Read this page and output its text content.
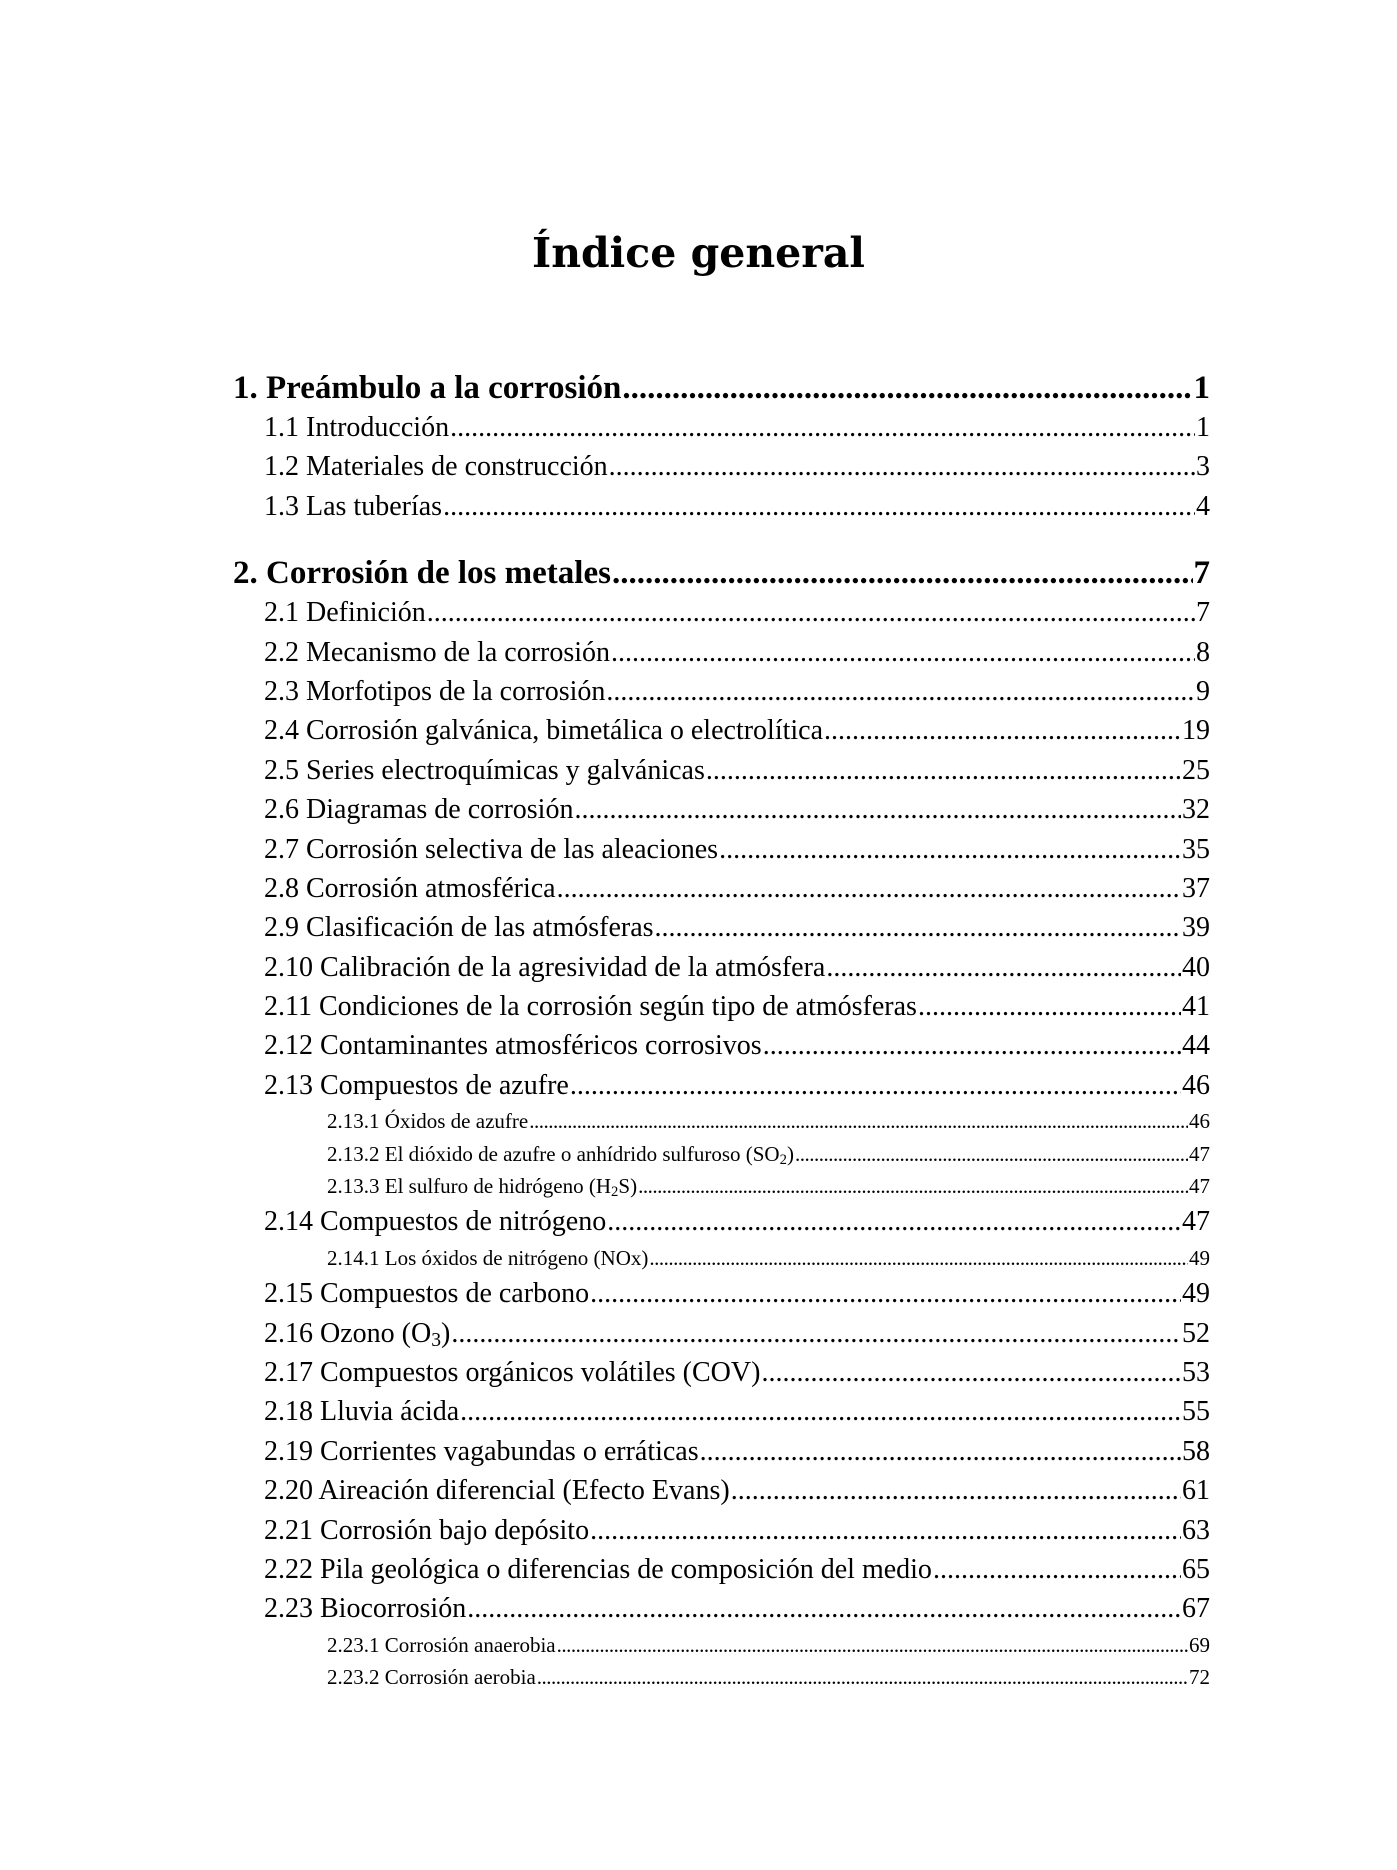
Índice general
1. Preámbulo a la corrosión .....	1
1.1 Introducción .....	1
1.2 Materiales de construcción .....	3
1.3 Las tuberías .....	4
2. Corrosión de los metales .....	7
2.1 Definición .....	7
2.2 Mecanismo de la corrosión .....	8
2.3 Morfotipos de la corrosión .....	9
2.4 Corrosión galvánica, bimetálica o electrolítica .....	19
2.5 Series electroquímicas y galvánicas .....	25
2.6 Diagramas de corrosión .....	32
2.7 Corrosión selectiva de las aleaciones .....	35
2.8 Corrosión atmosférica .....	37
2.9 Clasificación de las atmósferas .....	39
2.10 Calibración de la agresividad de la atmósfera .....	40
2.11 Condiciones de la corrosión según tipo de atmósferas .....	41
2.12 Contaminantes atmosféricos corrosivos .....	44
2.13 Compuestos de azufre .....	46
2.13.1 Óxidos de azufre .....	46
2.13.2 El dióxido de azufre o anhídrido sulfuroso $(SO_2)$ .....	47
2.13.3 El sulfuro de hidrógeno $(H_2S)$ .....	47
2.14 Compuestos de nitrógeno .....	47
2.14.1 Los óxidos de nitrógeno (NOx) .....	49
2.15 Compuestos de carbono .....	49
2.16 Ozono $(O_3)$ .....	52
2.17 Compuestos orgánicos volátiles (COV) .....	53
2.18 Lluvia ácida .....	55
2.19 Corrientes vagabundas o erráticas .....	58
2.20 Aireación diferencial (Efecto Evans) .....	61
2.21 Corrosión bajo depósito .....	63
2.22 Pila geológica o diferencias de composición del medio .....	65
2.23 Biocorrosión .....	67
2.23.1 Corrosión anaerobia .....	69
2.23.2 Corrosión aerobia .....	72
